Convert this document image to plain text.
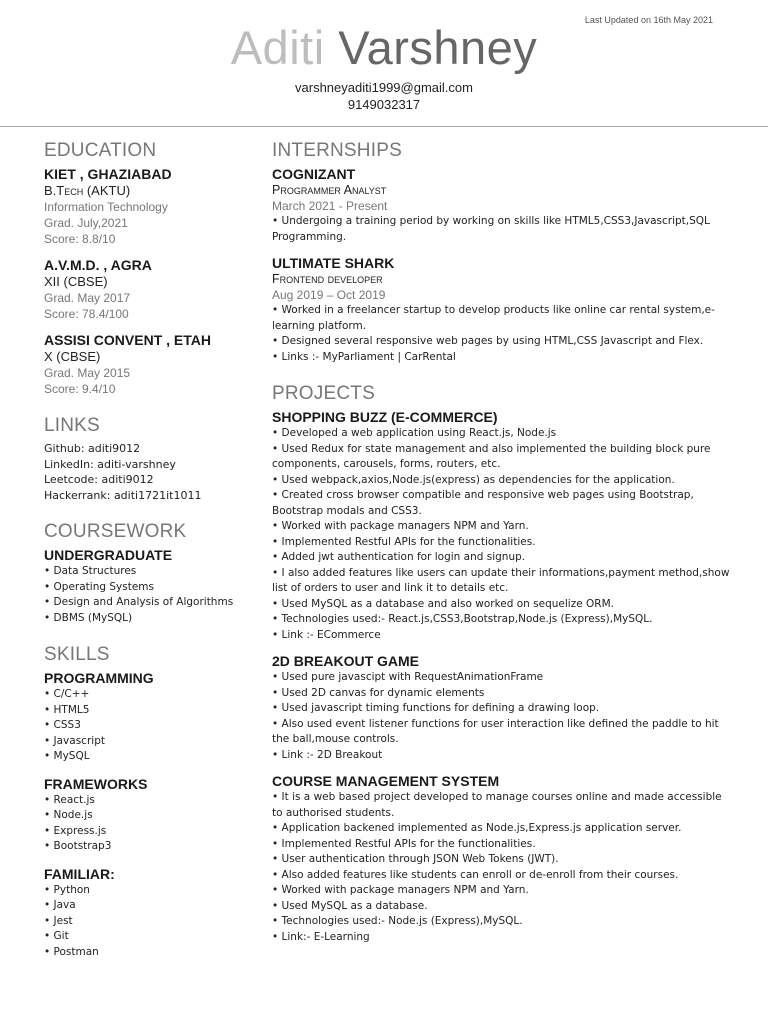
Last Updated on 16th May 2021
Aditi Varshney
varshneyaditi1999@gmail.com
9149032317
EDUCATION
KIET , GHAZIABAD
B.Tech (AKTU)
Information Technology
Grad. July,2021
Score: 8.8/10
A.V.M.D. , AGRA
XII (CBSE)
Grad. May 2017
Score: 78.4/100
ASSISI CONVENT , ETAH
X (CBSE)
Grad. May 2015
Score: 9.4/10
LINKS
Github: aditi9012
LinkedIn: aditi-varshney
Leetcode: aditi9012
Hackerrank: aditi1721it1011
COURSEWORK
UNDERGRADUATE
• Data Structures
• Operating Systems
• Design and Analysis of Algorithms
• DBMS (MySQL)
SKILLS
PROGRAMMING
• C/C++
• HTML5
• CSS3
• Javascript
• MySQL
FRAMEWORKS
• React.js
• Node.js
• Express.js
• Bootstrap3
FAMILIAR:
• Python
• Java
• Jest
• Git
• Postman
INTERNSHIPS
COGNIZANT
Programmer Analyst
March 2021 - Present
• Undergoing a training period by working on skills like HTML5,CSS3,Javascript,SQL Programming.
ULTIMATE SHARK
Frontend developer
Aug 2019 – Oct 2019
• Worked in a freelancer startup to develop products like online car rental system,e-learning platform.
• Designed several responsive web pages by using HTML,CSS Javascript and Flex.
• Links :- MyParliament | CarRental
PROJECTS
SHOPPING BUZZ (E-COMMERCE)
• Developed a web application using React.js, Node.js
• Used Redux for state management and also implemented the building block pure components, carousels, forms, routers, etc.
• Used webpack,axios,Node.js(express) as dependencies for the application.
• Created cross browser compatible and responsive web pages using Bootstrap, Bootstrap modals and CSS3.
• Worked with package managers NPM and Yarn.
• Implemented Restful APIs for the functionalities.
• Added jwt authentication for login and signup.
• I also added features like users can update their informations,payment method,show list of orders to user and link it to details etc.
• Used MySQL as a database and also worked on sequelize ORM.
• Technologies used:- React.js,CSS3,Bootstrap,Node.js (Express),MySQL.
• Link :- ECommerce
2D BREAKOUT GAME
• Used pure javascipt with RequestAnimationFrame
• Used 2D canvas for dynamic elements
• Used javascript timing functions for defining a drawing loop.
• Also used event listener functions for user interaction like defined the paddle to hit the ball,mouse controls.
• Link :- 2D Breakout
COURSE MANAGEMENT SYSTEM
• It is a web based project developed to manage courses online and made accessible to authorised students.
• Application backened implemented as Node.js,Express.js application server.
• Implemented Restful APIs for the functionalities.
• User authentication through JSON Web Tokens (JWT).
• Also added features like students can enroll or de-enroll from their courses.
• Worked with package managers NPM and Yarn.
• Used MySQL as a database.
• Technologies used:- Node.js (Express),MySQL.
• Link:- E-Learning
